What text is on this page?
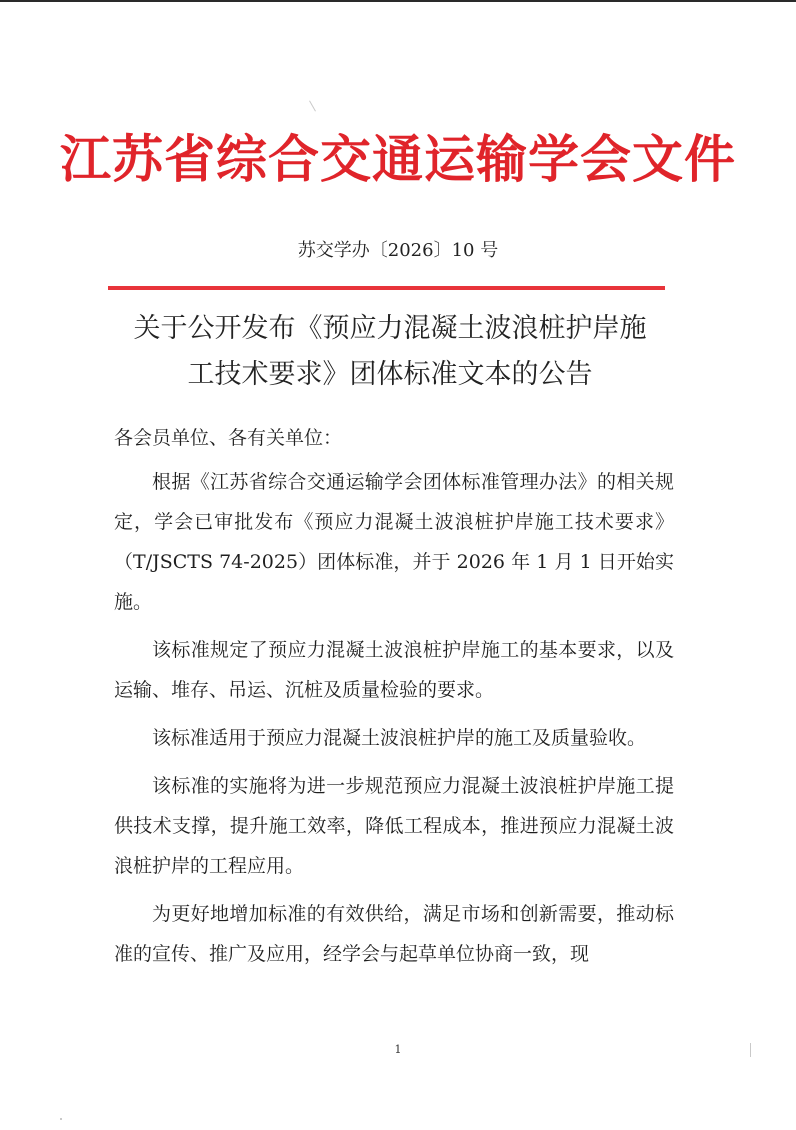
江苏省综合交通运输学会文件
苏交学办〔2026〕10 号
关于公开发布《预应力混凝土波浪桩护岸施
工技术要求》团体标准文本的公告

各会员单位、各有关单位：

根据《江苏省综合交通运输学会团体标准管理办法》的相关规定，学会已审批发布《预应力混凝土波浪桩护岸施工技术要求》（T/JSCTS 74-2025）团体标准，并于 2026 年 1 月 1 日开始实施。

该标准规定了预应力混凝土波浪桩护岸施工的基本要求，以及运输、堆存、吊运、沉桩及质量检验的要求。

该标准适用于预应力混凝土波浪桩护岸的施工及质量验收。

该标准的实施将为进一步规范预应力混凝土波浪桩护岸施工提供技术支撑，提升施工效率，降低工程成本，推进预应力混凝土波浪桩护岸的工程应用。

为更好地增加标准的有效供给，满足市场和创新需要，推动标准的宣传、推广及应用，经学会与起草单位协商一致，现

1
